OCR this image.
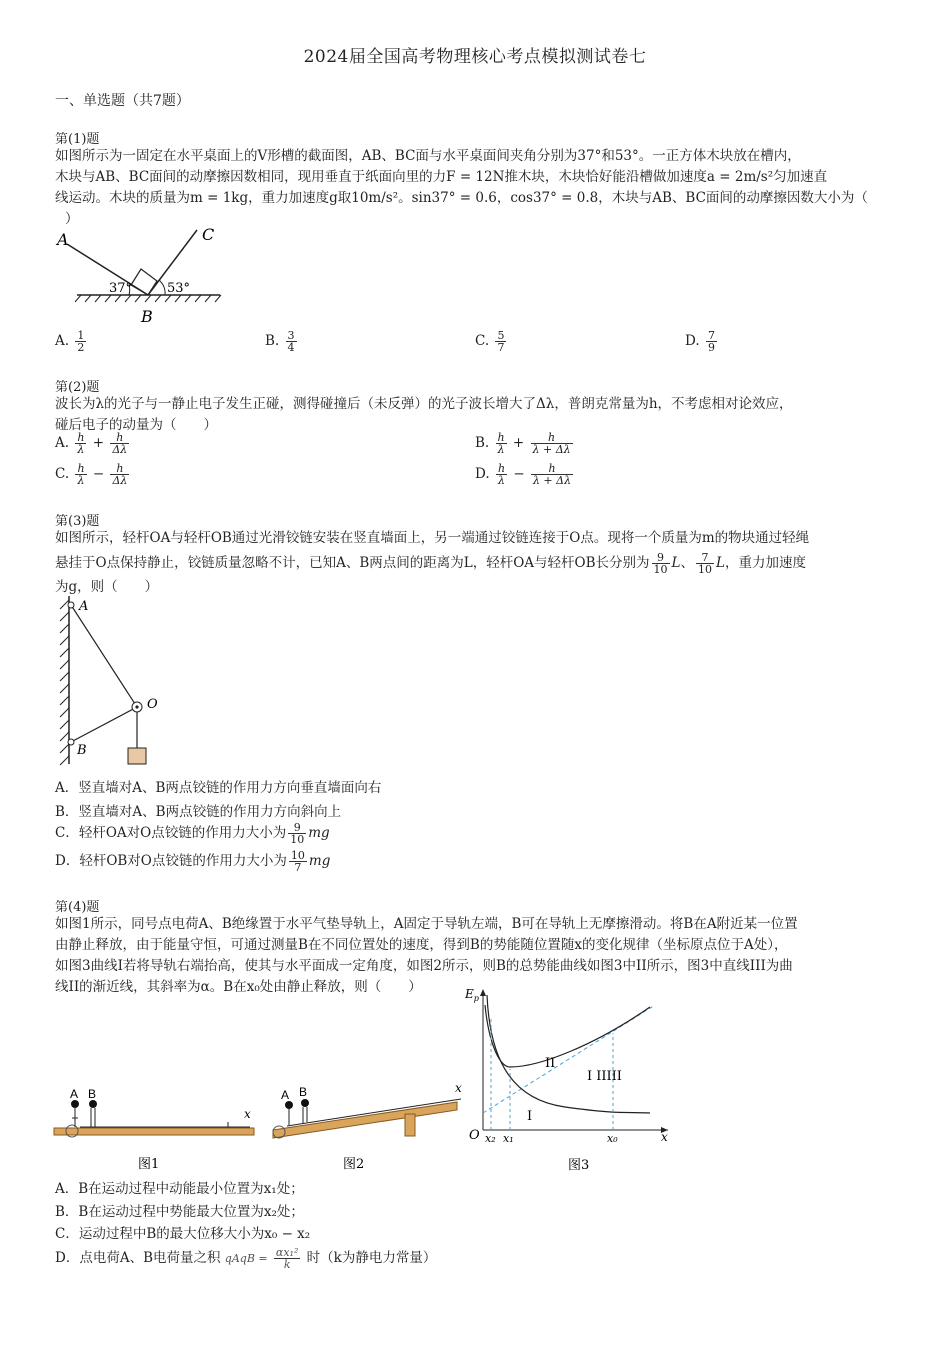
2024届全国高考物理核心考点模拟测试卷七
一、单选题（共7题）
第(1)题
如图所示为一固定在水平桌面上的V形槽的截面图，AB、BC面与水平桌面间夹角分别为37°和53°。一正方体木块放在槽内，
木块与AB、BC面间的动摩擦因数相同，现用垂直于纸面向里的力F = 12N推木块，木块恰好能沿槽做加速度a = 2m/s²匀加速直
线运动。木块的质量为m = 1kg，重力加速度g取10m/s²。sin37° = 0.6，cos37° = 0.8，木块与AB、BC面间的动摩擦因数大小为（
）
A	C
B
37°	53°
A. $\frac{1}{2}$	B. $\frac{3}{4}$	C. $\frac{5}{7}$	D. $\frac{7}{9}$
第(2)题
波长为λ的光子与一静止电子发生正碰，测得碰撞后（未反弹）的光子波长增大了Δλ，普朗克常量为h，不考虑相对论效应，
碰后电子的动量为（　　）
A. $\frac{h}{\lambda} + \frac{h}{\Delta\lambda}$	B. $\frac{h}{\lambda} + \frac{h}{\lambda + \Delta\lambda}$
C. $\frac{h}{\lambda} - \frac{h}{\Delta\lambda}$	D. $\frac{h}{\lambda} - \frac{h}{\lambda + \Delta\lambda}$
第(3)题
如图所示，轻杆OA与轻杆OB通过光滑铰链安装在竖直墙面上，另一端通过铰链连接于O点。现将一个质量为m的物块通过轻绳
悬挂于O点保持静止，铰链质量忽略不计，已知A、B两点间的距离为L，轻杆OA与轻杆OB长分别为 $\frac{9}{10}$ L、 $\frac{7}{10}$ L，重力加速度
为g，则（　　）
A
B
O
A．竖直墙对A、B两点铰链的作用力方向垂直墙面向右
B．竖直墙对A、B两点铰链的作用力方向斜向上
C．轻杆OA对O点铰链的作用力大小为 $\frac{9}{10}$ mg
D．轻杆OB对O点铰链的作用力大小为 $\frac{10}{7}$ mg
第(4)题
如图1所示，同号点电荷A、B绝缘置于水平气垫导轨上，A固定于导轨左端，B可在导轨上无摩擦滑动。将B在A附近某一位置
由静止释放，由于能量守恒，可通过测量B在不同位置处的速度，得到B的势能随位置随x的变化规律（坐标原点位于A处），
如图3曲线Ⅰ若将导轨右端抬高，使其与水平面成一定角度，如图2所示，则B的总势能曲线如图3中II所示，图3中直线III为曲
线II的渐近线，其斜率为α。B在x₀处由静止释放，则（　　）
A B
x
图1
A B	x
图2
$E_p$
O	x
x₂ x₁	x₀
I
II
I IIIII
图3
A．B在运动过程中动能最小位置为x₁处；
B．B在运动过程中势能最大位置为x₂处；
C．运动过程中B的最大位移大小为x₀ − x₂
D．点电荷A、B电荷量之积 qAqB = $\frac{\text{αx₁²}}{k}$ 时（k为静电力常量）
